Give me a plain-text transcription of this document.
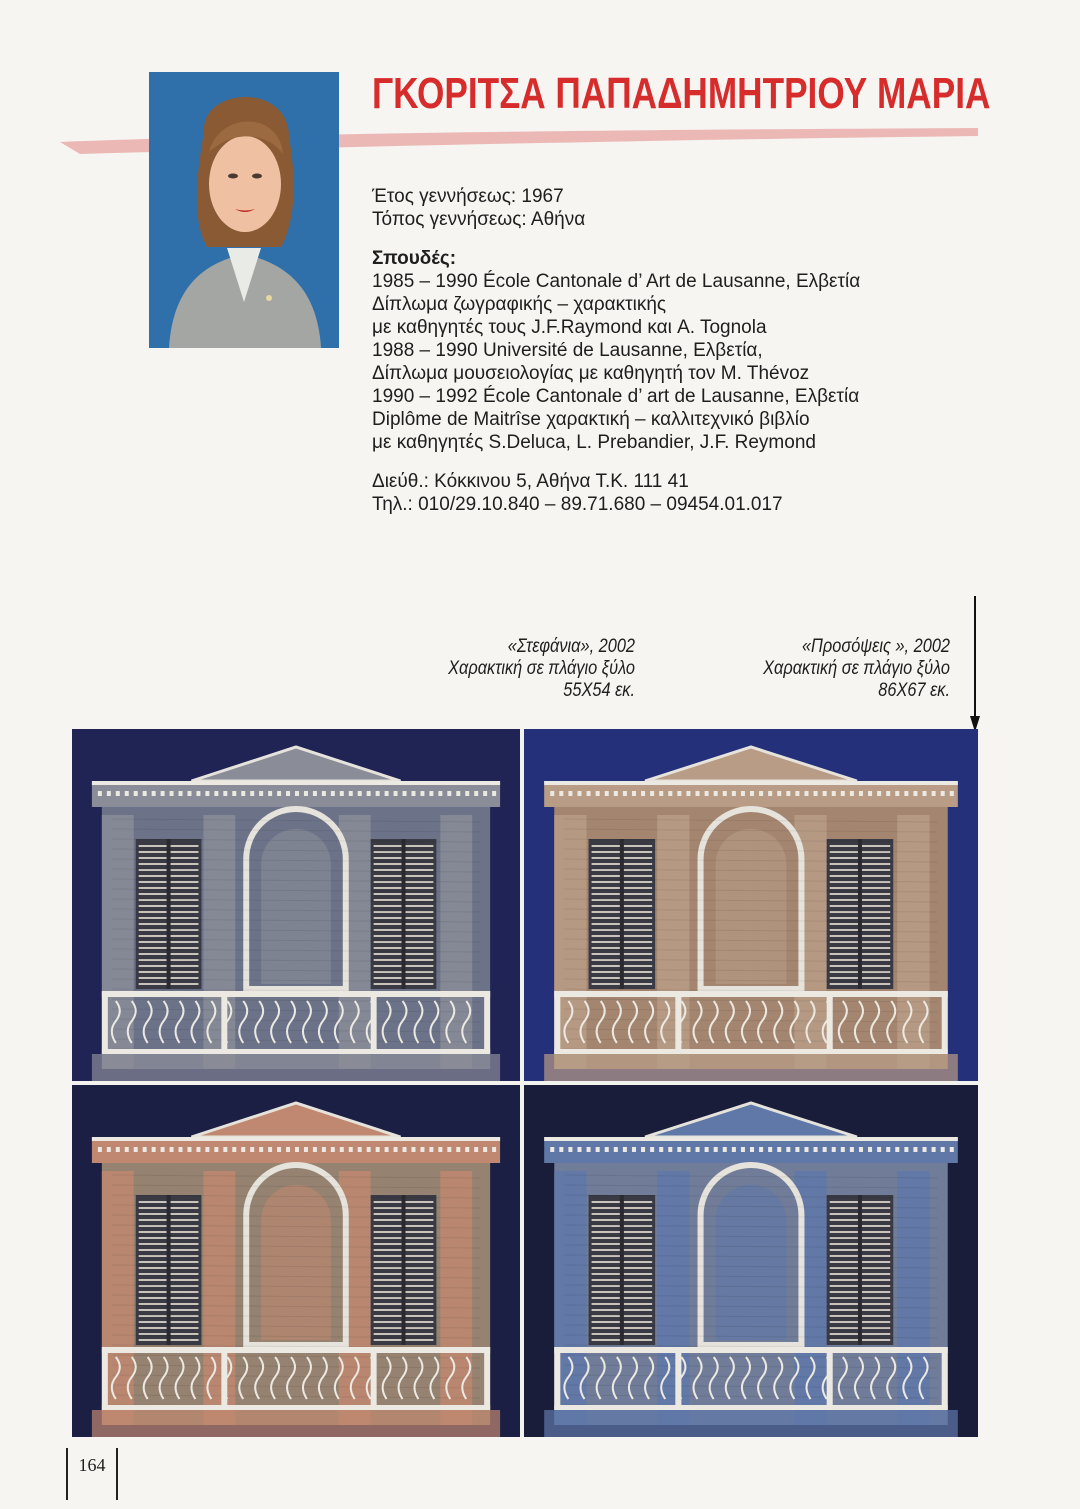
ΓΚΟΡΙΤΣΑ ΠΑΠΑΔΗΜΗΤΡΙΟΥ ΜΑΡΙΑ
Έτος γεννήσεως: 1967
Τόπος γεννήσεως: Αθήνα
Σπουδές:
1985 – 1990 École Cantonale d’ Art de Lausanne, Ελβετία
Δίπλωμα ζωγραφικής – χαρακτικής
με καθηγητές τους J.F.Raymond και A. Tognola
1988 – 1990 Université de Lausanne, Ελβετία,
Δίπλωμα μουσειολογίας με καθηγητή τον M. Thévoz
1990 – 1992 École Cantonale d’ art de Lausanne, Ελβετία
Diplôme de Maitrîse χαρακτική – καλλιτεχνικό βιβλίο
με καθηγητές S.Deluca, L. Prebandier, J.F. Reymond
Διεύθ.: Κόκκινου 5, Αθήνα Τ.Κ. 111 41
Τηλ.: 010/29.10.840 – 89.71.680 – 09454.01.017
«Στεφάνια», 2002
Χαρακτική σε πλάγιο ξύλο
55Χ54 εκ.
«Προσόψεις », 2002
Χαρακτική σε πλάγιο ξύλο
86Χ67 εκ.
164
